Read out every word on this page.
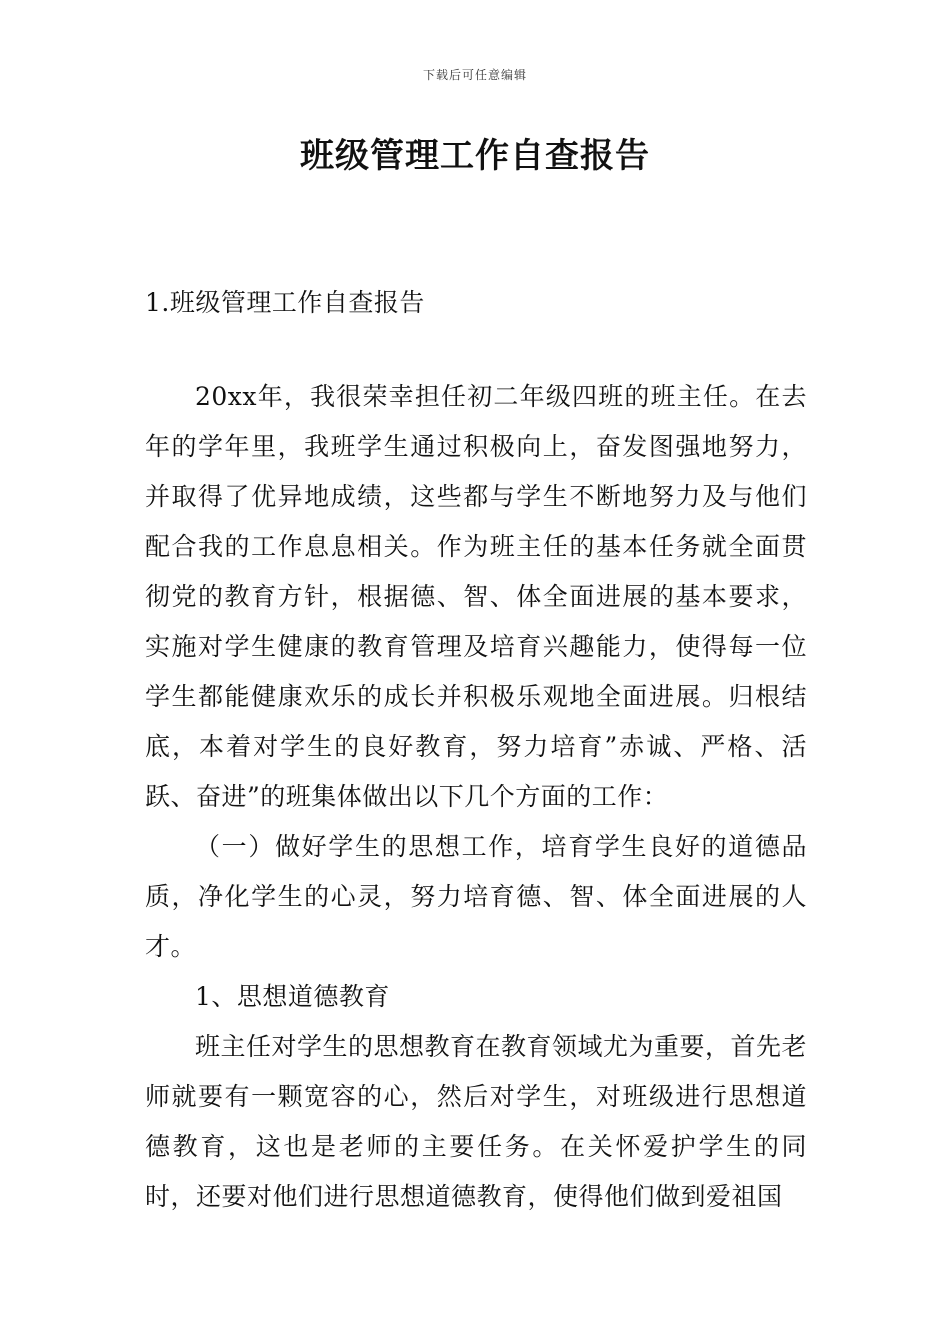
下载后可任意编辑
班级管理工作自查报告
1.班级管理工作自查报告

20xx年，我很荣幸担任初二年级四班的班主任。在去年的学年里，我班学生通过积极向上，奋发图强地努力，并取得了优异地成绩，这些都与学生不断地努力及与他们配合我的工作息息相关。作为班主任的基本任务就全面贯彻党的教育方针，根据德、智、体全面进展的基本要求，实施对学生健康的教育管理及培育兴趣能力，使得每一位学生都能健康欢乐的成长并积极乐观地全面进展。归根结底，本着对学生的良好教育，努力培育”赤诚、严格、活跃、奋进”的班集体做出以下几个方面的工作：

（一）做好学生的思想工作，培育学生良好的道德品质，净化学生的心灵，努力培育德、智、体全面进展的人才。

1、思想道德教育

班主任对学生的思想教育在教育领域尤为重要，首先老师就要有一颗宽容的心，然后对学生，对班级进行思想道德教育，这也是老师的主要任务。在关怀爱护学生的同时，还要对他们进行思想道德教育，使得他们做到爱祖国
